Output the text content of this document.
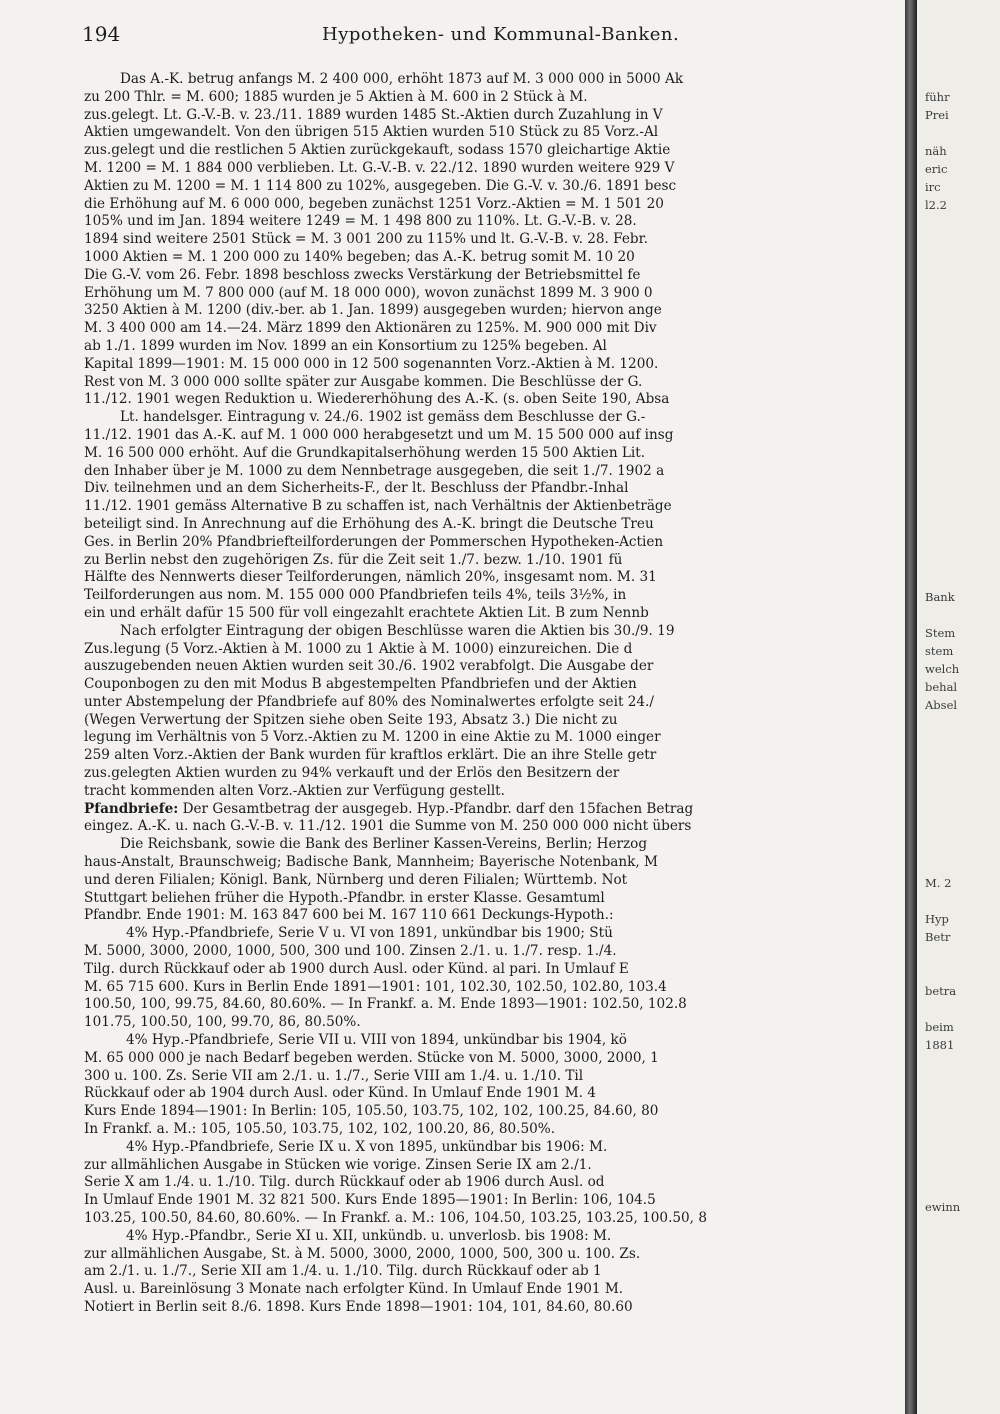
194	Hypotheken- und Kommunal-Banken.
Das A.-K. betrug anfangs M. 2 400 000, erhöht 1873 auf M. 3 000 000 in 5000 Ak
zu 200 Thlr. = M. 600; 1885 wurden je 5 Aktien à M. 600 in 2 Stück à M.
zus.gelegt. Lt. G.-V.-B. v. 23./11. 1889 wurden 1485 St.-Aktien durch Zuzahlung in V
Aktien umgewandelt. Von den übrigen 515 Aktien wurden 510 Stück zu 85 Vorz.-Al
zus.gelegt und die restlichen 5 Aktien zurückgekauft, sodass 1570 gleichartige Aktie
M. 1200 = M. 1 884 000 verblieben. Lt. G.-V.-B. v. 22./12. 1890 wurden weitere 929 V
Aktien zu M. 1200 = M. 1 114 800 zu 102%, ausgegeben. Die G.-V. v. 30./6. 1891 besc
die Erhöhung auf M. 6 000 000, begeben zunächst 1251 Vorz.-Aktien = M. 1 501 20
105% und im Jan. 1894 weitere 1249 = M. 1 498 800 zu 110%. Lt. G.-V.-B. v. 28.
1894 sind weitere 2501 Stück = M. 3 001 200 zu 115% und lt. G.-V.-B. v. 28. Febr.
1000 Aktien = M. 1 200 000 zu 140% begeben; das A.-K. betrug somit M. 10 20
Die G.-V. vom 26. Febr. 1898 beschloss zwecks Verstärkung der Betriebsmittel fe
Erhöhung um M. 7 800 000 (auf M. 18 000 000), wovon zunächst 1899 M. 3 900 0
3250 Aktien à M. 1200 (div.-ber. ab 1. Jan. 1899) ausgegeben wurden; hiervon ange
M. 3 400 000 am 14.—24. März 1899 den Aktionären zu 125%. M. 900 000 mit Div
ab 1./1. 1899 wurden im Nov. 1899 an ein Konsortium zu 125% begeben. Al
Kapital 1899—1901: M. 15 000 000 in 12 500 sogenannten Vorz.-Aktien à M. 1200.
Rest von M. 3 000 000 sollte später zur Ausgabe kommen. Die Beschlüsse der G.
11./12. 1901 wegen Reduktion u. Wiedererhöhung des A.-K. (s. oben Seite 190, Absa
Lt. handelsger. Eintragung v. 24./6. 1902 ist gemäss dem Beschlusse der G.-
11./12. 1901 das A.-K. auf M. 1 000 000 herabgesetzt und um M. 15 500 000 auf insg
M. 16 500 000 erhöht. Auf die Grundkapitalserhöhung werden 15 500 Aktien Lit.
den Inhaber über je M. 1000 zu dem Nennbetrage ausgegeben, die seit 1./7. 1902 a
Div. teilnehmen und an dem Sicherheits-F., der lt. Beschluss der Pfandbr.-Inhal
11./12. 1901 gemäss Alternative B zu schaffen ist, nach Verhältnis der Aktienbeträge
beteiligt sind. In Anrechnung auf die Erhöhung des A.-K. bringt die Deutsche Treu
Ges. in Berlin 20% Pfandbriefteilforderungen der Pommerschen Hypotheken-Actien
zu Berlin nebst den zugehörigen Zs. für die Zeit seit 1./7. bezw. 1./10. 1901 fü
Hälfte des Nennwerts dieser Teilforderungen, nämlich 20%, insgesamt nom. M. 31
Teilforderungen aus nom. M. 155 000 000 Pfandbriefen teils 4%, teils 3½%, in
ein und erhält dafür 15 500 für voll eingezahlt erachtete Aktien Lit. B zum Nennb
Nach erfolgter Eintragung der obigen Beschlüsse waren die Aktien bis 30./9. 19
Zus.legung (5 Vorz.-Aktien à M. 1000 zu 1 Aktie à M. 1000) einzureichen. Die d
auszugebenden neuen Aktien wurden seit 30./6. 1902 verabfolgt. Die Ausgabe der
Couponbogen zu den mit Modus B abgestempelten Pfandbriefen und der Aktien
unter Abstempelung der Pfandbriefe auf 80% des Nominalwertes erfolgte seit 24./
(Wegen Verwertung der Spitzen siehe oben Seite 193, Absatz 3.) Die nicht zu
legung im Verhältnis von 5 Vorz.-Aktien zu M. 1200 in eine Aktie zu M. 1000 einger
259 alten Vorz.-Aktien der Bank wurden für kraftlos erklärt. Die an ihre Stelle getr
zus.gelegten Aktien wurden zu 94% verkauft und der Erlös den Besitzern der
tracht kommenden alten Vorz.-Aktien zur Verfügung gestellt.
Pfandbriefe: Der Gesamtbetrag der ausgegeb. Hyp.-Pfandbr. darf den 15fachen Betrag
eingez. A.-K. u. nach G.-V.-B. v. 11./12. 1901 die Summe von M. 250 000 000 nicht übers
Die Reichsbank, sowie die Bank des Berliner Kassen-Vereins, Berlin; Herzog
haus-Anstalt, Braunschweig; Badische Bank, Mannheim; Bayerische Notenbank, M
und deren Filialen; Königl. Bank, Nürnberg und deren Filialen; Württemb. Not
Stuttgart beliehen früher die Hypoth.-Pfandbr. in erster Klasse. Gesamtuml
Pfandbr. Ende 1901: M. 163 847 600 bei M. 167 110 661 Deckungs-Hypoth.:
4% Hyp.-Pfandbriefe, Serie V u. VI von 1891, unkündbar bis 1900; Stü
M. 5000, 3000, 2000, 1000, 500, 300 und 100. Zinsen 2./1. u. 1./7. resp. 1./4.
Tilg. durch Rückkauf oder ab 1900 durch Ausl. oder Künd. al pari. In Umlauf E
M. 65 715 600. Kurs in Berlin Ende 1891—1901: 101, 102.30, 102.50, 102.80, 103.4
100.50, 100, 99.75, 84.60, 80.60%. — In Frankf. a. M. Ende 1893—1901: 102.50, 102.8
101.75, 100.50, 100, 99.70, 86, 80.50%.
4% Hyp.-Pfandbriefe, Serie VII u. VIII von 1894, unkündbar bis 1904, kö
M. 65 000 000 je nach Bedarf begeben werden. Stücke von M. 5000, 3000, 2000, 1
300 u. 100. Zs. Serie VII am 2./1. u. 1./7., Serie VIII am 1./4. u. 1./10. Til
Rückkauf oder ab 1904 durch Ausl. oder Künd. In Umlauf Ende 1901 M. 4
Kurs Ende 1894—1901: In Berlin: 105, 105.50, 103.75, 102, 102, 100.25, 84.60, 80
In Frankf. a. M.: 105, 105.50, 103.75, 102, 102, 100.20, 86, 80.50%.
4% Hyp.-Pfandbriefe, Serie IX u. X von 1895, unkündbar bis 1906: M.
zur allmählichen Ausgabe in Stücken wie vorige. Zinsen Serie IX am 2./1.
Serie X am 1./4. u. 1./10. Tilg. durch Rückkauf oder ab 1906 durch Ausl. od
In Umlauf Ende 1901 M. 32 821 500. Kurs Ende 1895—1901: In Berlin: 106, 104.5
103.25, 100.50, 84.60, 80.60%. — In Frankf. a. M.: 106, 104.50, 103.25, 103.25, 100.50, 8
4% Hyp.-Pfandbr., Serie XI u. XII, unkündb. u. unverlosb. bis 1908: M.
zur allmählichen Ausgabe, St. à M. 5000, 3000, 2000, 1000, 500, 300 u. 100. Zs.
am 2./1. u. 1./7., Serie XII am 1./4. u. 1./10. Tilg. durch Rückkauf oder ab 1
Ausl. u. Bareinlösung 3 Monate nach erfolgter Künd. In Umlauf Ende 1901 M.
Notiert in Berlin seit 8./6. 1898. Kurs Ende 1898—1901: 104, 101, 84.60, 80.60
führ
Prei
näh
eric
irc
l2.2
Bank
Stem
stem
welch
behal
Absel
M. 2
Hyp
Betr
betra
beim
1881
ewinn
